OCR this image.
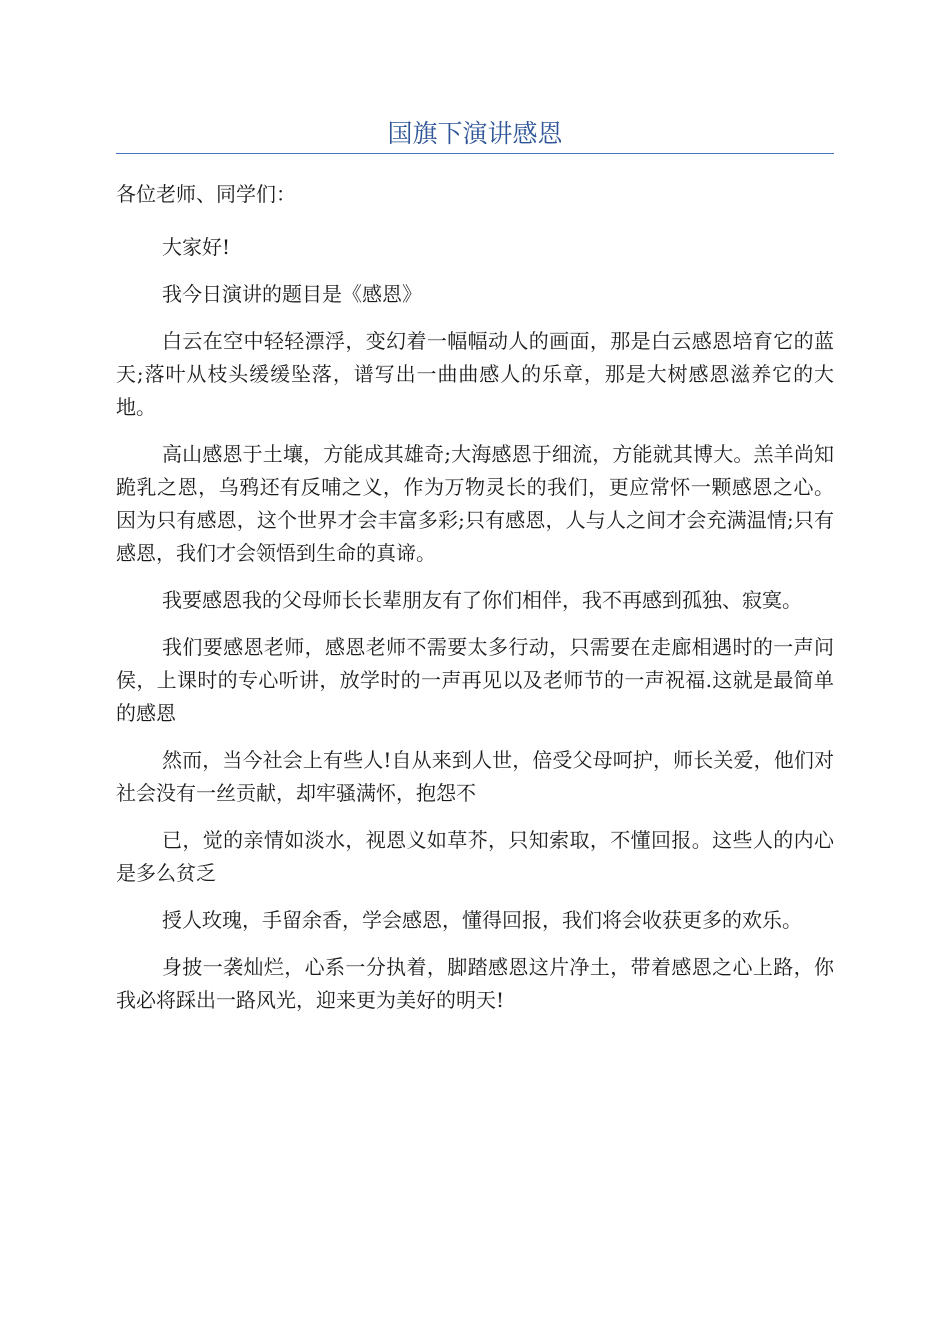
国旗下演讲感恩

各位老师、同学们：

大家好!

我今日演讲的题目是《感恩》

白云在空中轻轻漂浮，变幻着一幅幅动人的画面，那是白云感恩培育它的蓝天;落叶从枝头缓缓坠落，谱写出一曲曲感人的乐章，那是大树感恩滋养它的大地。

高山感恩于土壤，方能成其雄奇;大海感恩于细流，方能就其博大。羔羊尚知跪乳之恩，乌鸦还有反哺之义，作为万物灵长的我们，更应常怀一颗感恩之心。因为只有感恩，这个世界才会丰富多彩;只有感恩，人与人之间才会充满温情;只有感恩，我们才会领悟到生命的真谛。

我要感恩我的父母师长长辈朋友有了你们相伴，我不再感到孤独、寂寞。

我们要感恩老师，感恩老师不需要太多行动，只需要在走廊相遇时的一声问侯，上课时的专心听讲，放学时的一声再见以及老师节的一声祝福.这就是最简单的感恩

然而，当今社会上有些人!自从来到人世，倍受父母呵护，师长关爱，他们对社会没有一丝贡献，却牢骚满怀，抱怨不

已，觉的亲情如淡水，视恩义如草芥，只知索取，不懂回报。这些人的内心是多么贫乏

授人玫瑰，手留余香，学会感恩，懂得回报，我们将会收获更多的欢乐。

身披一袭灿烂，心系一分执着，脚踏感恩这片净土，带着感恩之心上路，你我必将踩出一路风光，迎来更为美好的明天!
